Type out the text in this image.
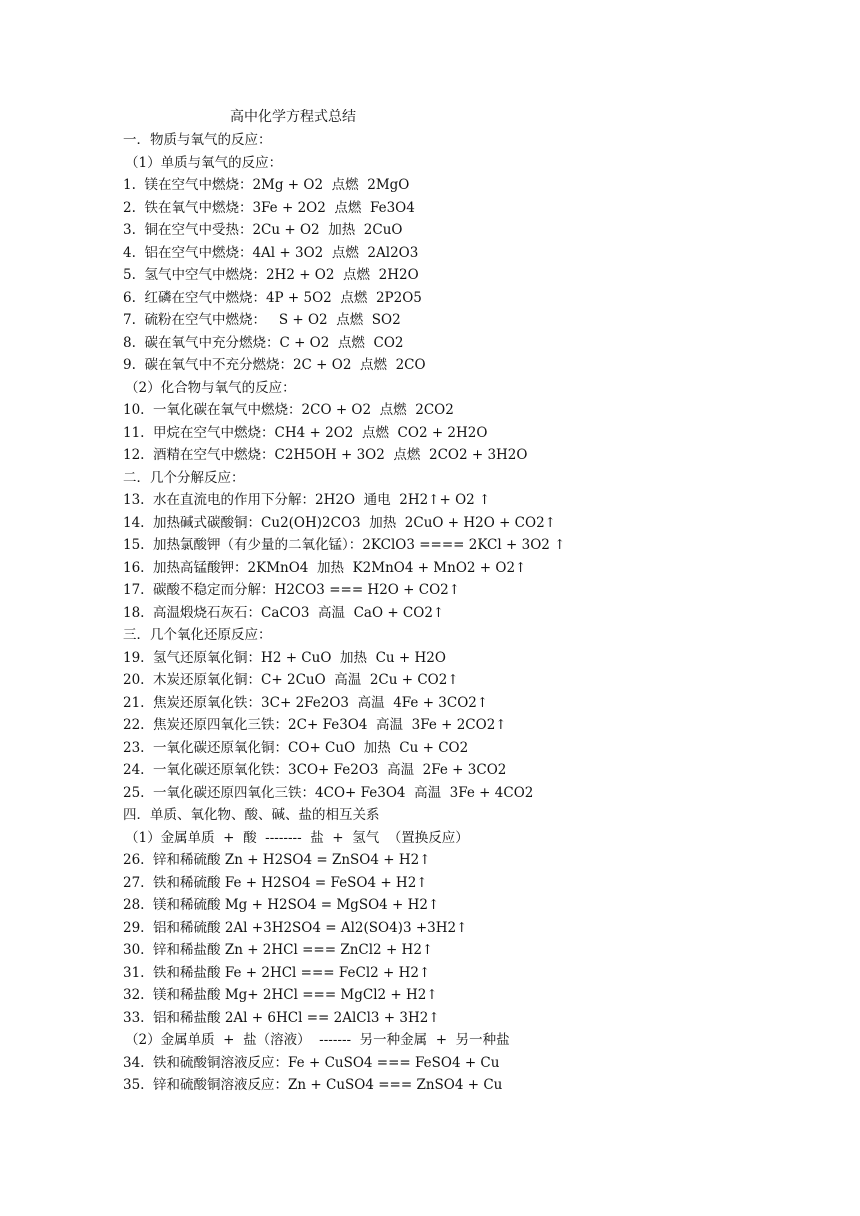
高中化学方程式总结
一．物质与氧气的反应：
（1）单质与氧气的反应：
1.  镁在空气中燃烧：2Mg + O2  点燃  2MgO
2.  铁在氧气中燃烧：3Fe + 2O2  点燃  Fe3O4
3.  铜在空气中受热：2Cu + O2  加热  2CuO
4.  铝在空气中燃烧：4Al + 3O2  点燃  2Al2O3
5.  氢气中空气中燃烧：2H2 + O2  点燃  2H2O
6.  红磷在空气中燃烧：4P + 5O2  点燃  2P2O5
7.  硫粉在空气中燃烧：   S + O2  点燃  SO2
8.  碳在氧气中充分燃烧：C + O2  点燃  CO2
9.  碳在氧气中不充分燃烧：2C + O2  点燃  2CO
（2）化合物与氧气的反应：
10.  一氧化碳在氧气中燃烧：2CO + O2  点燃  2CO2
11.  甲烷在空气中燃烧：CH4 + 2O2  点燃  CO2 + 2H2O
12.  酒精在空气中燃烧：C2H5OH + 3O2  点燃  2CO2 + 3H2O
二．几个分解反应：
13.  水在直流电的作用下分解：2H2O  通电  2H2↑+ O2 ↑
14.  加热碱式碳酸铜：Cu2(OH)2CO3  加热  2CuO + H2O + CO2↑
15.  加热氯酸钾（有少量的二氧化锰）：2KClO3 ==== 2KCl + 3O2 ↑
16.  加热高锰酸钾：2KMnO4  加热  K2MnO4 + MnO2 + O2↑
17.  碳酸不稳定而分解：H2CO3 === H2O + CO2↑
18.  高温煅烧石灰石：CaCO3  高温  CaO + CO2↑
三．几个氧化还原反应：
19.  氢气还原氧化铜：H2 + CuO  加热  Cu + H2O
20.  木炭还原氧化铜：C+ 2CuO  高温  2Cu + CO2↑
21.  焦炭还原氧化铁：3C+ 2Fe2O3  高温  4Fe + 3CO2↑
22.  焦炭还原四氧化三铁：2C+ Fe3O4  高温  3Fe + 2CO2↑
23.  一氧化碳还原氧化铜：CO+ CuO  加热  Cu + CO2
24.  一氧化碳还原氧化铁：3CO+ Fe2O3  高温  2Fe + 3CO2
25.  一氧化碳还原四氧化三铁：4CO+ Fe3O4  高温  3Fe + 4CO2
四．单质、氧化物、酸、碱、盐的相互关系
（1）金属单质  +  酸  --------  盐  +  氢气  （置换反应）
26.  锌和稀硫酸 Zn + H2SO4 = ZnSO4 + H2↑
27.  铁和稀硫酸 Fe + H2SO4 = FeSO4 + H2↑
28.  镁和稀硫酸 Mg + H2SO4 = MgSO4 + H2↑
29.  铝和稀硫酸 2Al +3H2SO4 = Al2(SO4)3 +3H2↑
30.  锌和稀盐酸 Zn + 2HCl === ZnCl2 + H2↑
31.  铁和稀盐酸 Fe + 2HCl === FeCl2 + H2↑
32.  镁和稀盐酸 Mg+ 2HCl === MgCl2 + H2↑
33.  铝和稀盐酸 2Al + 6HCl == 2AlCl3 + 3H2↑
（2）金属单质  +  盐（溶液）  -------  另一种金属  +  另一种盐
34.  铁和硫酸铜溶液反应：Fe + CuSO4 === FeSO4 + Cu
35.  锌和硫酸铜溶液反应：Zn + CuSO4 === ZnSO4 + Cu
